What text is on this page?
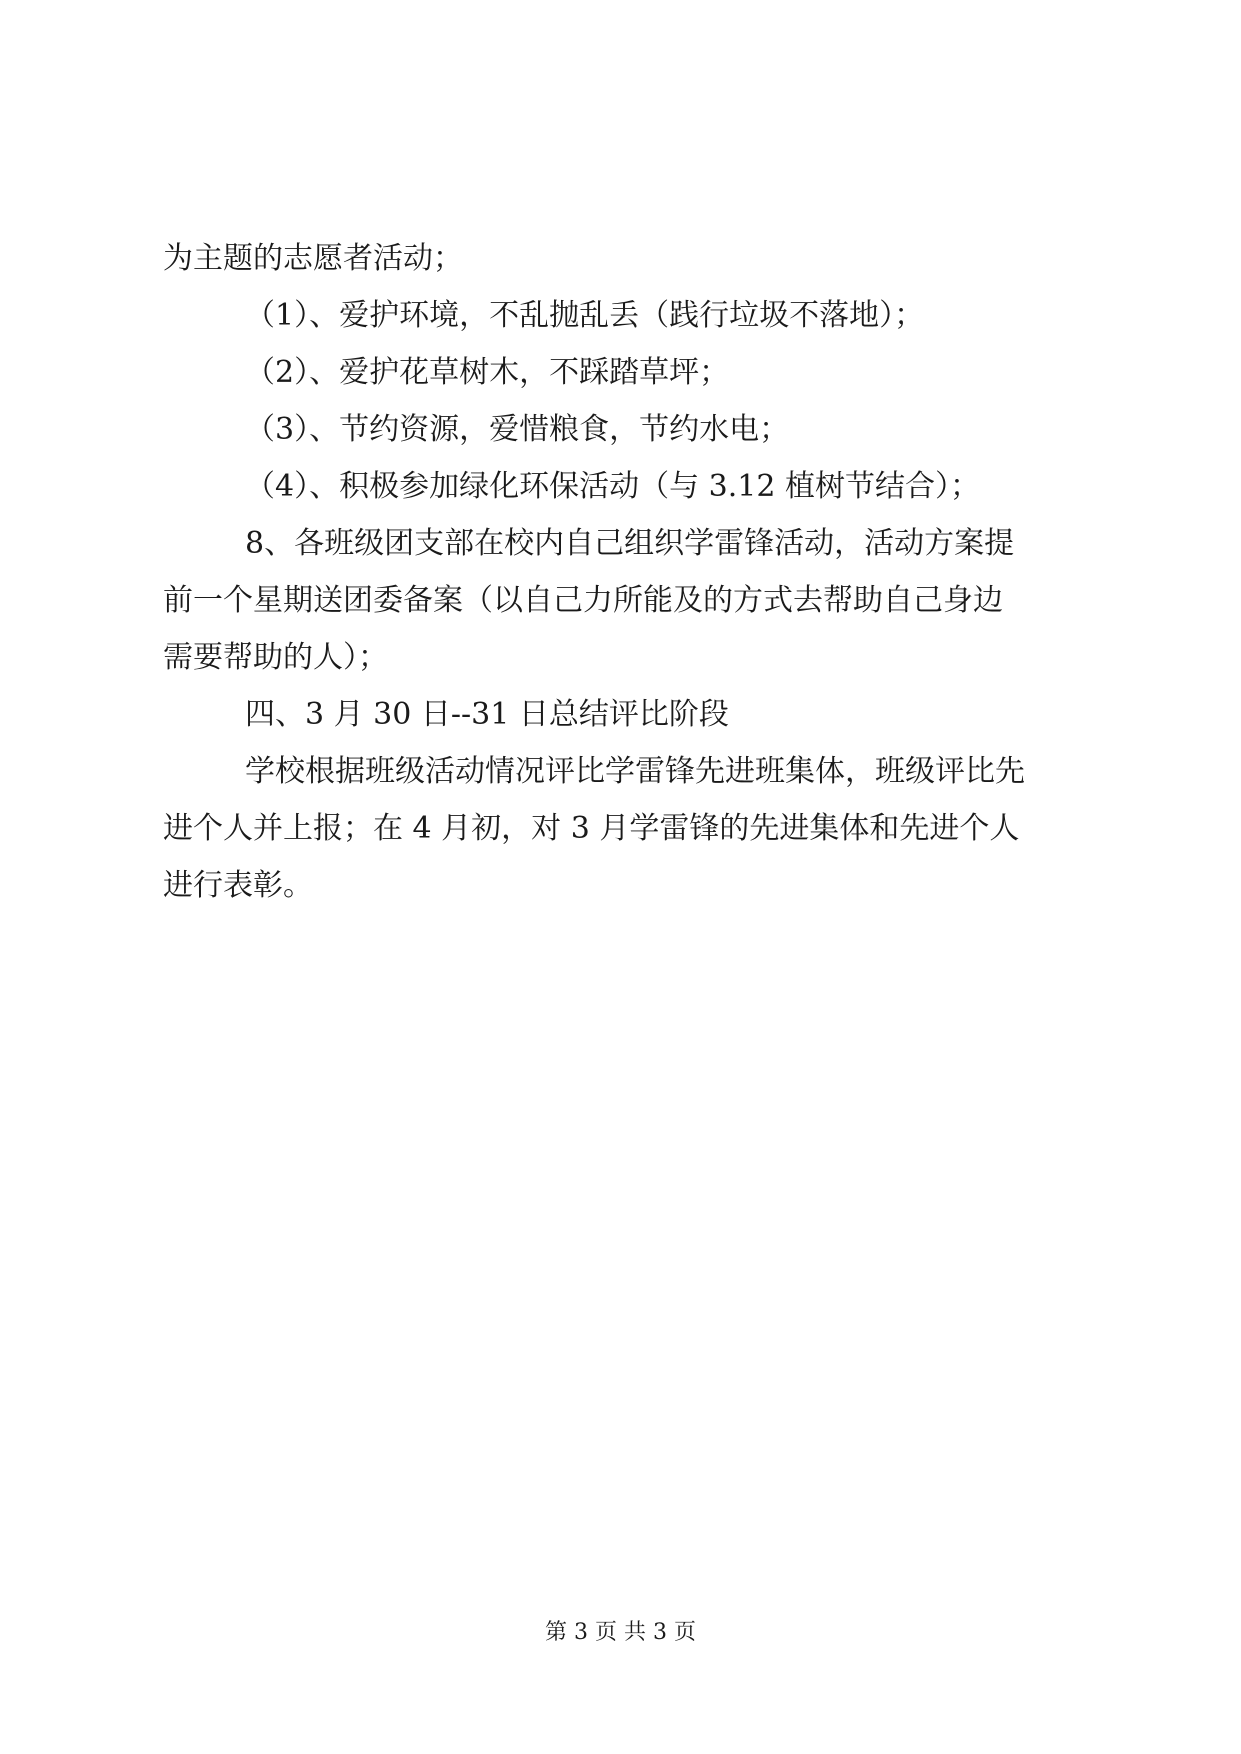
为主题的志愿者活动；
（1）、爱护环境，不乱抛乱丢（践行垃圾不落地）；
（2）、爱护花草树木，不踩踏草坪；
（3）、节约资源，爱惜粮食，节约水电；
（4）、积极参加绿化环保活动（与 3.12 植树节结合）；
8、各班级团支部在校内自己组织学雷锋活动，活动方案提
前一个星期送团委备案（以自己力所能及的方式去帮助自己身边
需要帮助的人）；
四、3 月 30 日--31 日总结评比阶段
学校根据班级活动情况评比学雷锋先进班集体，班级评比先
进个人并上报；在 4 月初，对 3 月学雷锋的先进集体和先进个人
进行表彰。
第 3 页 共 3 页
